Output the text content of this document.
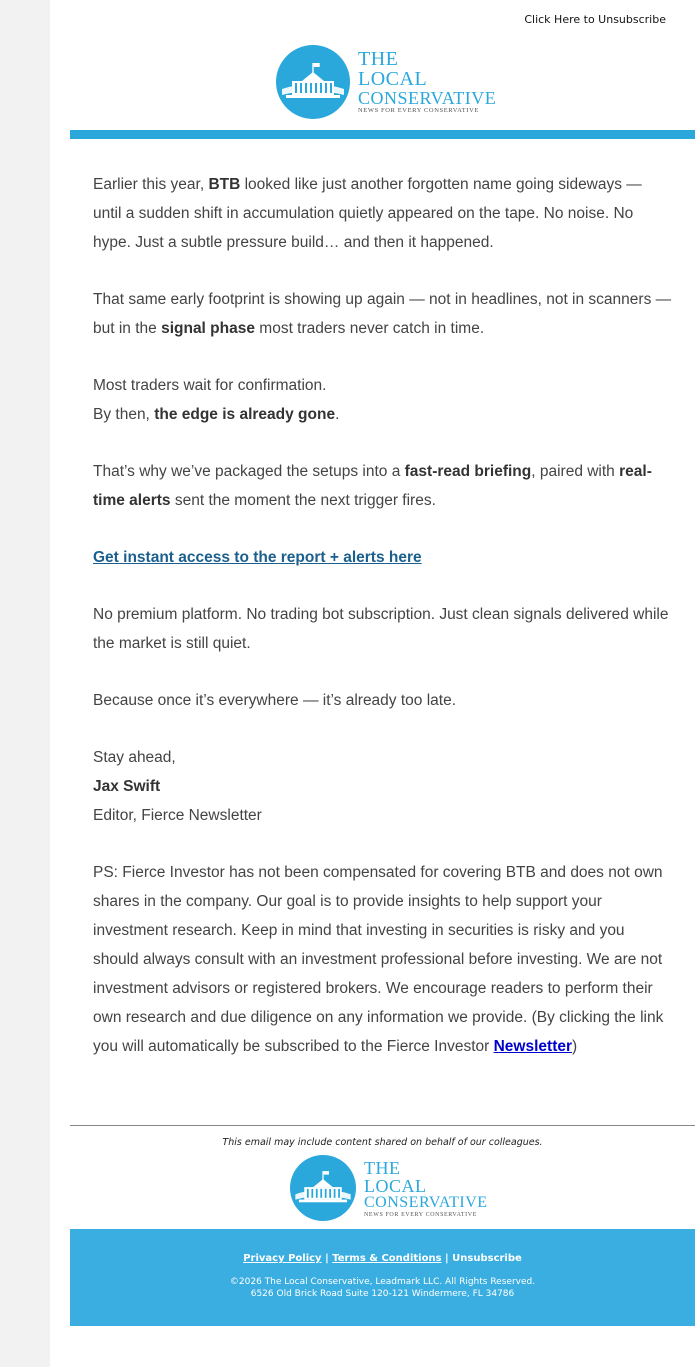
Click Here to Unsubscribe
THE
LOCAL
CONSERVATIVE
NEWS FOR EVERY CONSERVATIVE

Earlier this year, BTB looked like just another forgotten name going sideways — until a sudden shift in accumulation quietly appeared on the tape. No noise. No hype. Just a subtle pressure build… and then it happened.

That same early footprint is showing up again — not in headlines, not in scanners — but in the signal phase most traders never catch in time.

Most traders wait for confirmation.
By then, the edge is already gone.

That’s why we’ve packaged the setups into a fast-read briefing, paired with real-time alerts sent the moment the next trigger fires.

Get instant access to the report + alerts here

No premium platform. No trading bot subscription. Just clean signals delivered while the market is still quiet.

Because once it’s everywhere — it’s already too late.

Stay ahead,
Jax Swift
Editor, Fierce Newsletter

PS: Fierce Investor has not been compensated for covering BTB and does not own shares in the company. Our goal is to provide insights to help support your investment research. Keep in mind that investing in securities is risky and you should always consult with an investment professional before investing. We are not investment advisors or registered brokers. We encourage readers to perform their own research and due diligence on any information we provide. (By clicking the link you will automatically be subscribed to the Fierce Investor Newsletter)

This email may include content shared on behalf of our colleagues.
THE
LOCAL
CONSERVATIVE
NEWS FOR EVERY CONSERVATIVE
Privacy Policy | Terms & Conditions | Unsubscribe
©2026 The Local Conservative, Leadmark LLC. All Rights Reserved.
6526 Old Brick Road Suite 120-121 Windermere, FL 34786
